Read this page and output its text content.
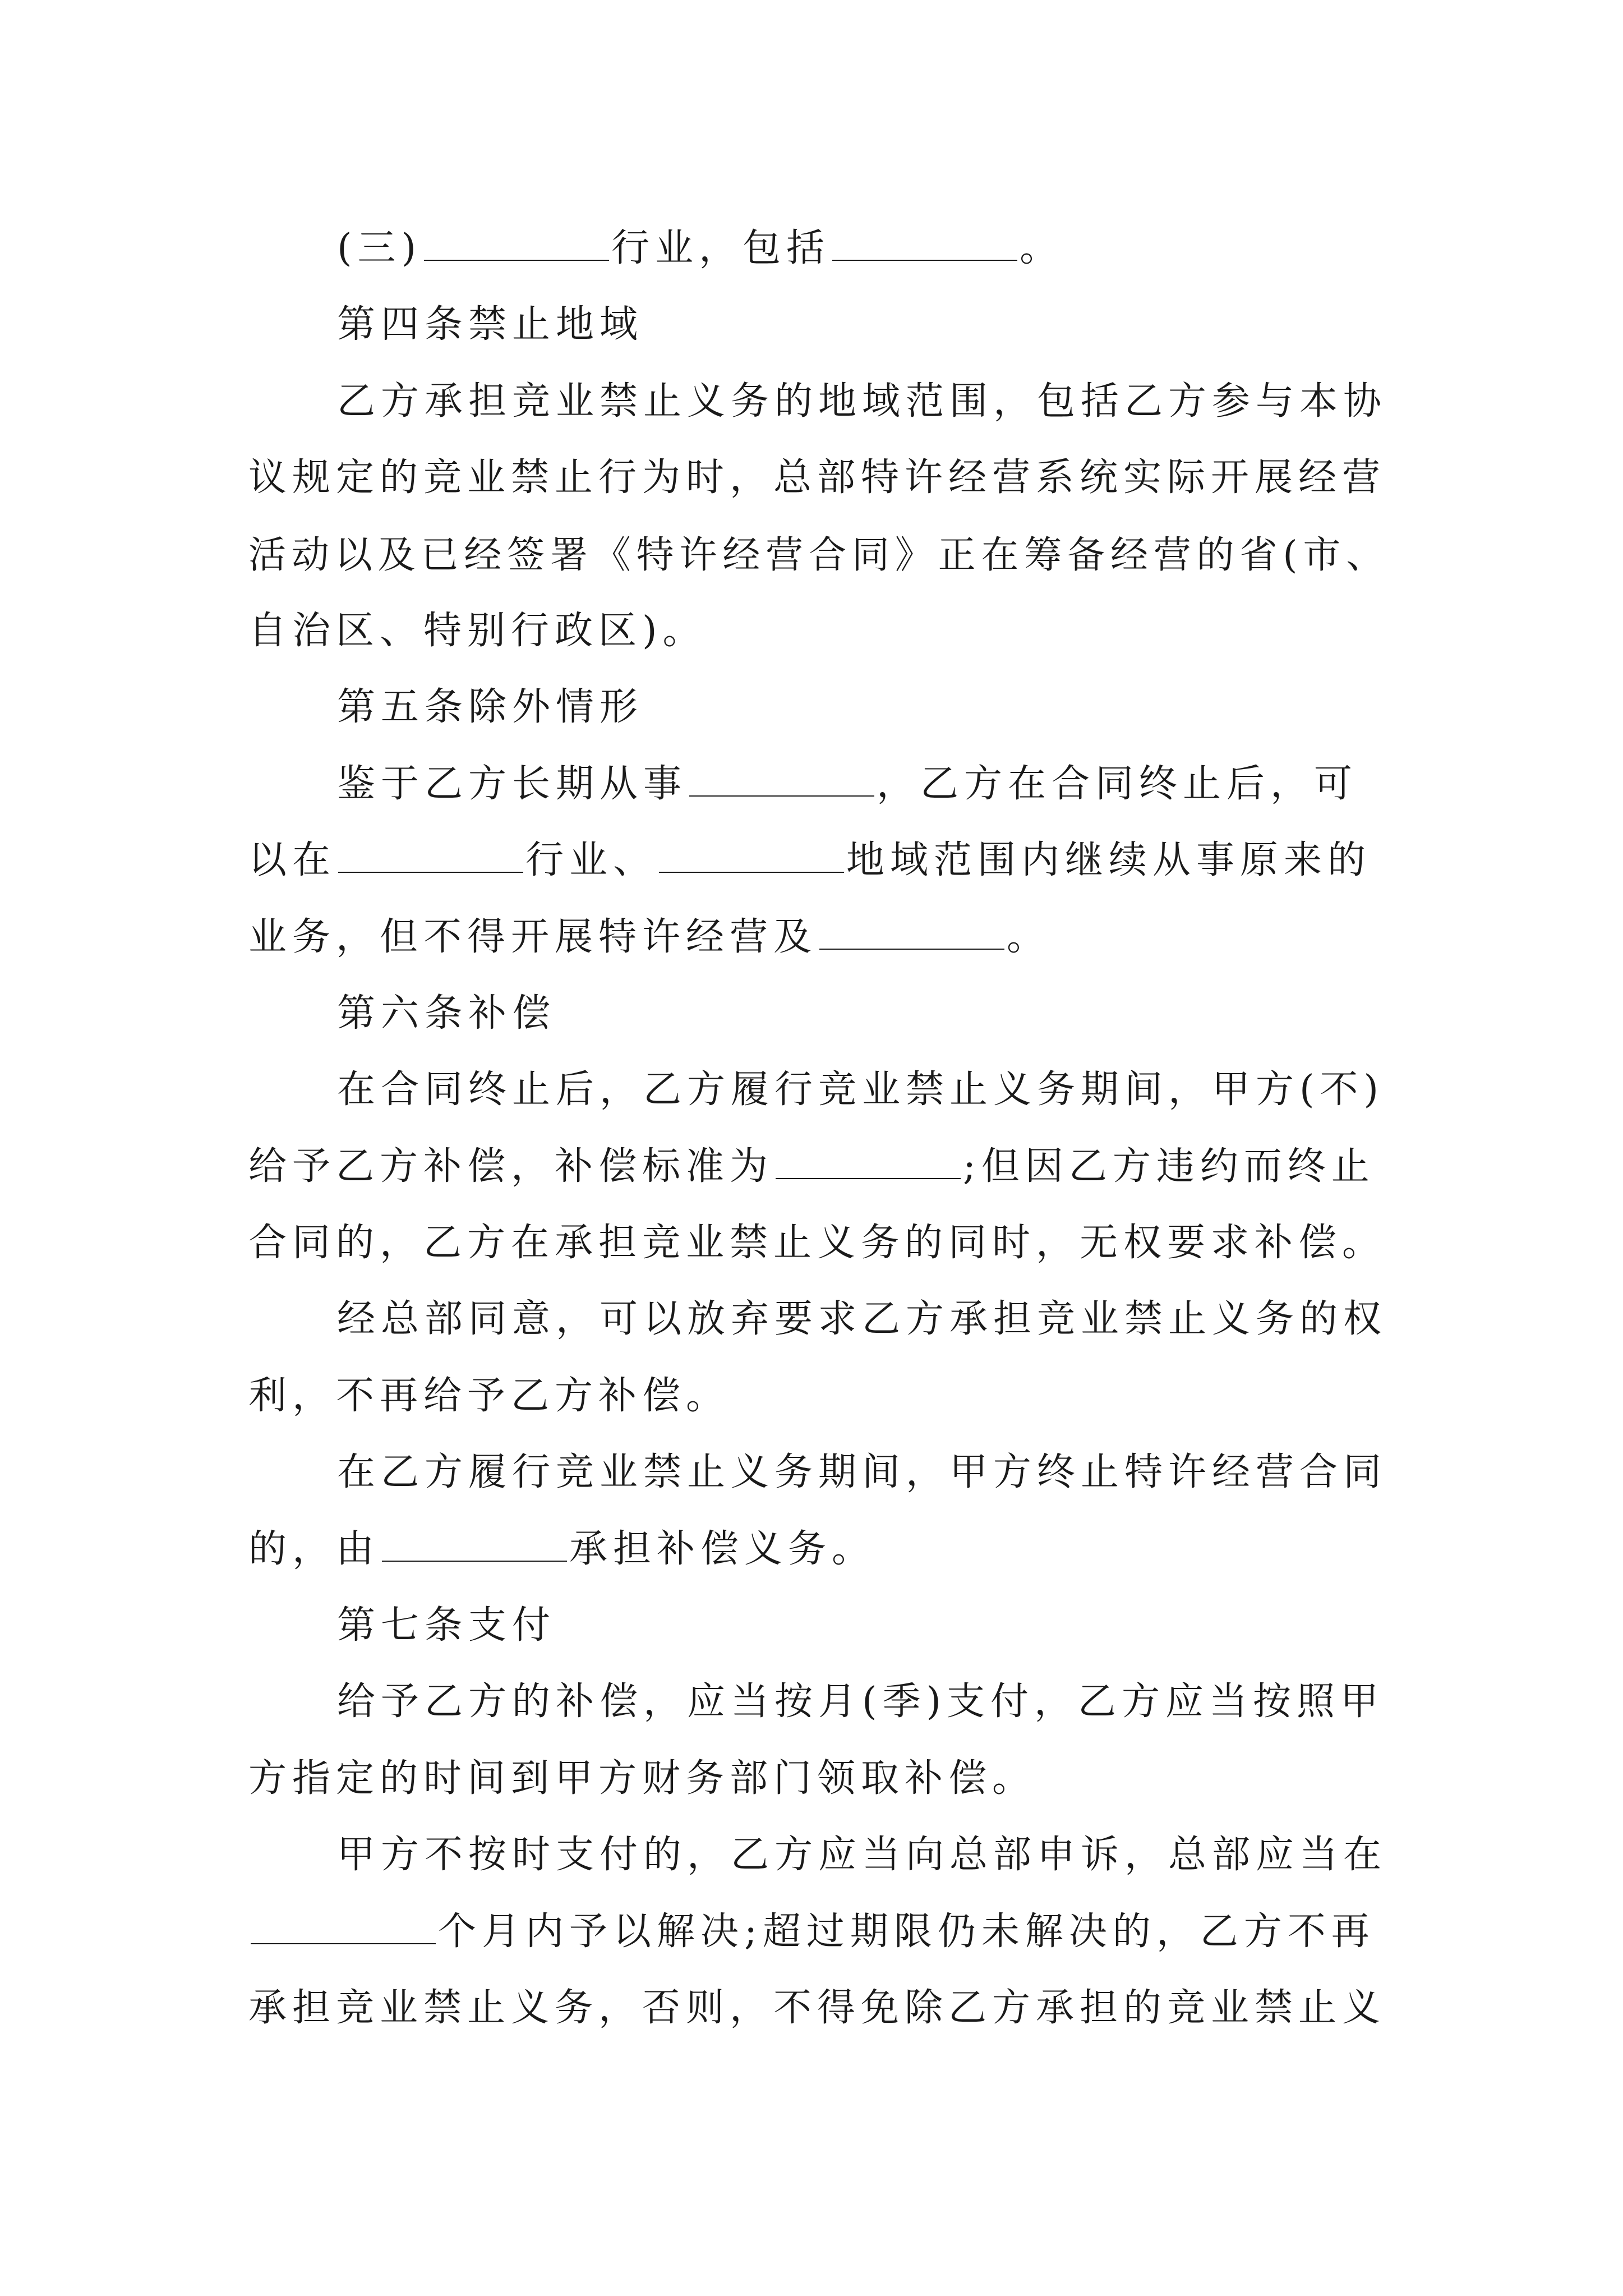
(三)	行业，包括	。
第四条禁止地域
乙方承担竞业禁止义务的地域范围，包括乙方参与本协
议规定的竞业禁止行为时，总部特许经营系统实际开展经营
活动以及已经签署《特许经营合同》正在筹备经营的省(市、
自治区、特别行政区)。
第五条除外情形
鉴于乙方长期从事	，乙方在合同终止后，可
以在	行业、	地域范围内继续从事原来的
业务，但不得开展特许经营及	。
第六条补偿
在合同终止后，乙方履行竞业禁止义务期间，甲方(不)
给予乙方补偿，补偿标准为	;但因乙方违约而终止
合同的，乙方在承担竞业禁止义务的同时，无权要求补偿。
经总部同意，可以放弃要求乙方承担竞业禁止义务的权
利，不再给予乙方补偿。
在乙方履行竞业禁止义务期间，甲方终止特许经营合同
的，由	承担补偿义务。
第七条支付
给予乙方的补偿，应当按月(季)支付，乙方应当按照甲
方指定的时间到甲方财务部门领取补偿。
甲方不按时支付的，乙方应当向总部申诉，总部应当在
个月内予以解决;超过期限仍未解决的，乙方不再
承担竞业禁止义务，否则，不得免除乙方承担的竞业禁止义
